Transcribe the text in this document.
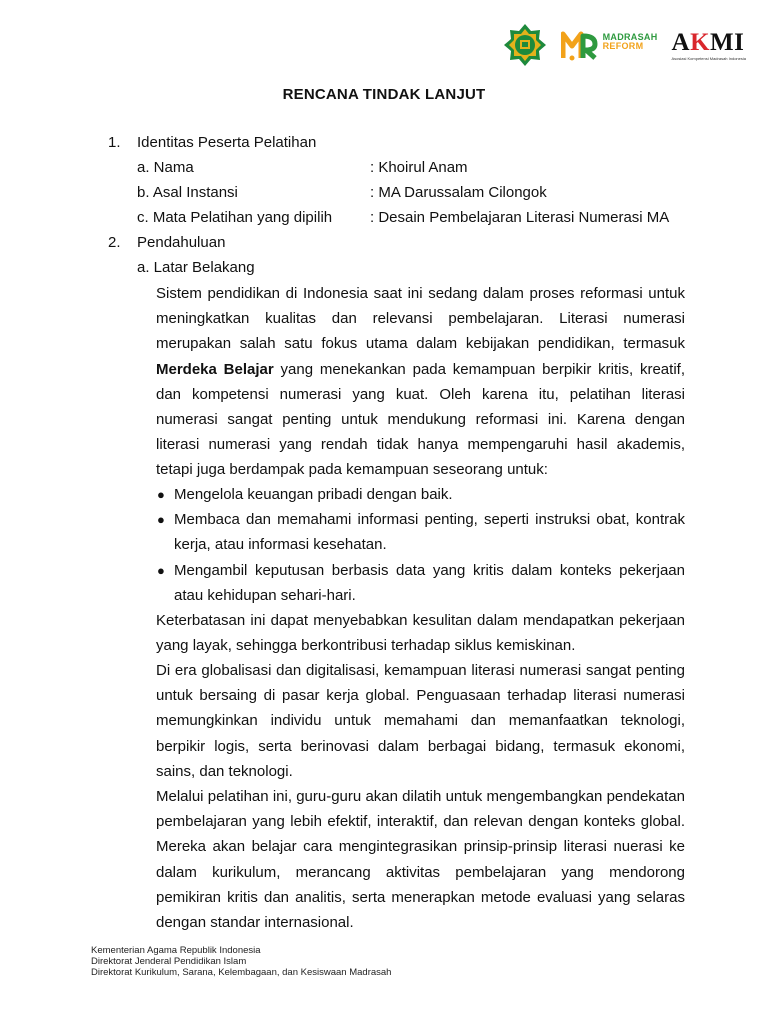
MADRASAH
REFORM	AKMI
Asosiasi Kompetensi Madrasah Indonesia
RENCANA TINDAK LANJUT
1. Identitas Peserta Pelatihan
a. Nama	: Khoirul Anam
b. Asal Instansi	: MA Darussalam Cilongok
c. Mata Pelatihan yang dipilih	: Desain Pembelajaran Literasi Numerasi MA
2. Pendahuluan
a. Latar Belakang

Sistem pendidikan di Indonesia saat ini sedang dalam proses reformasi untuk meningkatkan kualitas dan relevansi pembelajaran. Literasi numerasi merupakan salah satu fokus utama dalam kebijakan pendidikan, termasuk Merdeka Belajar yang menekankan pada kemampuan berpikir kritis, kreatif, dan kompetensi numerasi yang kuat. Oleh karena itu, pelatihan literasi numerasi sangat penting untuk mendukung reformasi ini. Karena dengan literasi numerasi yang rendah tidak hanya mempengaruhi hasil akademis, tetapi juga berdampak pada kemampuan seseorang untuk:

● Mengelola keuangan pribadi dengan baik.
● Membaca dan memahami informasi penting, seperti instruksi obat, kontrak kerja, atau informasi kesehatan.
● Mengambil keputusan berbasis data yang kritis dalam konteks pekerjaan atau kehidupan sehari-hari.

Keterbatasan ini dapat menyebabkan kesulitan dalam mendapatkan pekerjaan yang layak, sehingga berkontribusi terhadap siklus kemiskinan.

Di era globalisasi dan digitalisasi, kemampuan literasi numerasi sangat penting untuk bersaing di pasar kerja global. Penguasaan terhadap literasi numerasi memungkinkan individu untuk memahami dan memanfaatkan teknologi, berpikir logis, serta berinovasi dalam berbagai bidang, termasuk ekonomi, sains, dan teknologi.

Melalui pelatihan ini, guru-guru akan dilatih untuk mengembangkan pendekatan pembelajaran yang lebih efektif, interaktif, dan relevan dengan konteks global. Mereka akan belajar cara mengintegrasikan prinsip-prinsip literasi nuerasi ke dalam kurikulum, merancang aktivitas pembelajaran yang mendorong pemikiran kritis dan analitis, serta menerapkan metode evaluasi yang selaras dengan standar internasional.

Kementerian Agama Republik Indonesia
Direktorat Jenderal Pendidikan Islam
Direktorat Kurikulum, Sarana, Kelembagaan, dan Kesiswaan Madrasah
